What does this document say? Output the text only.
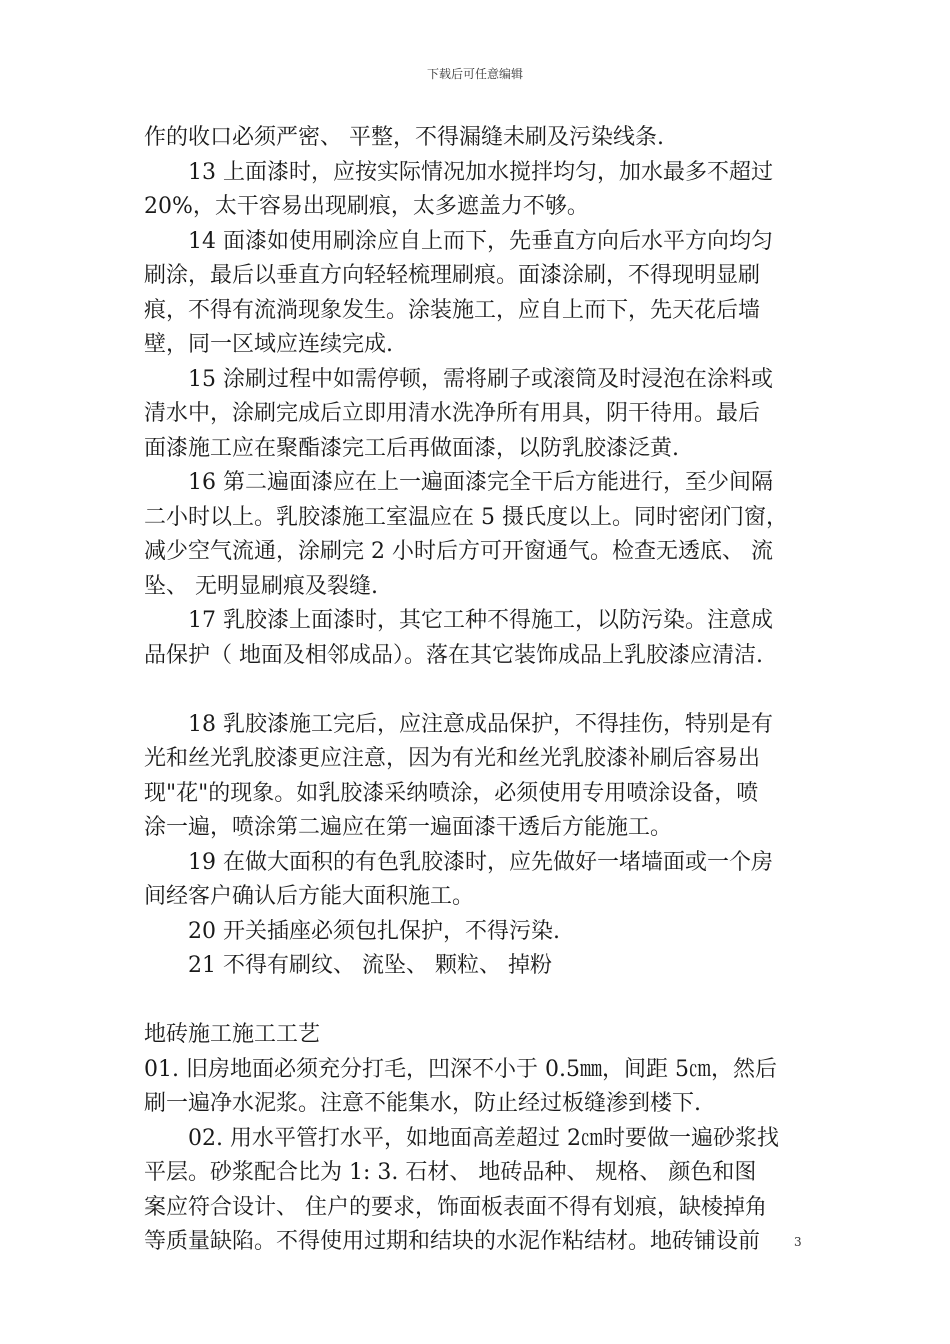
下载后可任意编辑
作的收口必须严密、 平整，不得漏缝未刷及污染线条.
13 上面漆时，应按实际情况加水搅拌均匀，加水最多不超过
20%，太干容易出现刷痕，太多遮盖力不够。
14 面漆如使用刷涂应自上而下，先垂直方向后水平方向均匀
刷涂，最后以垂直方向轻轻梳理刷痕。面漆涂刷，不得现明显刷
痕，不得有流淌现象发生。涂装施工，应自上而下，先天花后墙
壁，同一区域应连续完成.
15 涂刷过程中如需停顿，需将刷子或滚筒及时浸泡在涂料或
清水中，涂刷完成后立即用清水洗净所有用具，阴干待用。最后
面漆施工应在聚酯漆完工后再做面漆，以防乳胶漆泛黄.
16 第二遍面漆应在上一遍面漆完全干后方能进行，至少间隔
二小时以上。乳胶漆施工室温应在 5 摄氏度以上。同时密闭门窗，
减少空气流通，涂刷完 2 小时后方可开窗通气。检查无透底、 流
坠、 无明显刷痕及裂缝.
17 乳胶漆上面漆时，其它工种不得施工，以防污染。注意成
品保护（ 地面及相邻成品）。落在其它装饰成品上乳胶漆应清洁.
18 乳胶漆施工完后，应注意成品保护，不得挂伤，特别是有
光和丝光乳胶漆更应注意，因为有光和丝光乳胶漆补刷后容易出
现"花"的现象。如乳胶漆采纳喷涂，必须使用专用喷涂设备，喷
涂一遍，喷涂第二遍应在第一遍面漆干透后方能施工。
19 在做大面积的有色乳胶漆时，应先做好一堵墙面或一个房
间经客户确认后方能大面积施工。
20 开关插座必须包扎保护，不得污染.
21 不得有刷纹、 流坠、 颗粒、 掉粉
地砖施工施工工艺
01. 旧房地面必须充分打毛，凹深不小于 0.5㎜，间距 5㎝，然后
刷一遍净水泥浆。注意不能集水，防止经过板缝渗到楼下.
02. 用水平管打水平，如地面高差超过 2㎝时要做一遍砂浆找
平层。砂浆配合比为 1: 3. 石材、 地砖品种、 规格、 颜色和图
案应符合设计、 住户的要求，饰面板表面不得有划痕，缺棱掉角
等质量缺陷。不得使用过期和结块的水泥作粘结材。地砖铺设前	3
